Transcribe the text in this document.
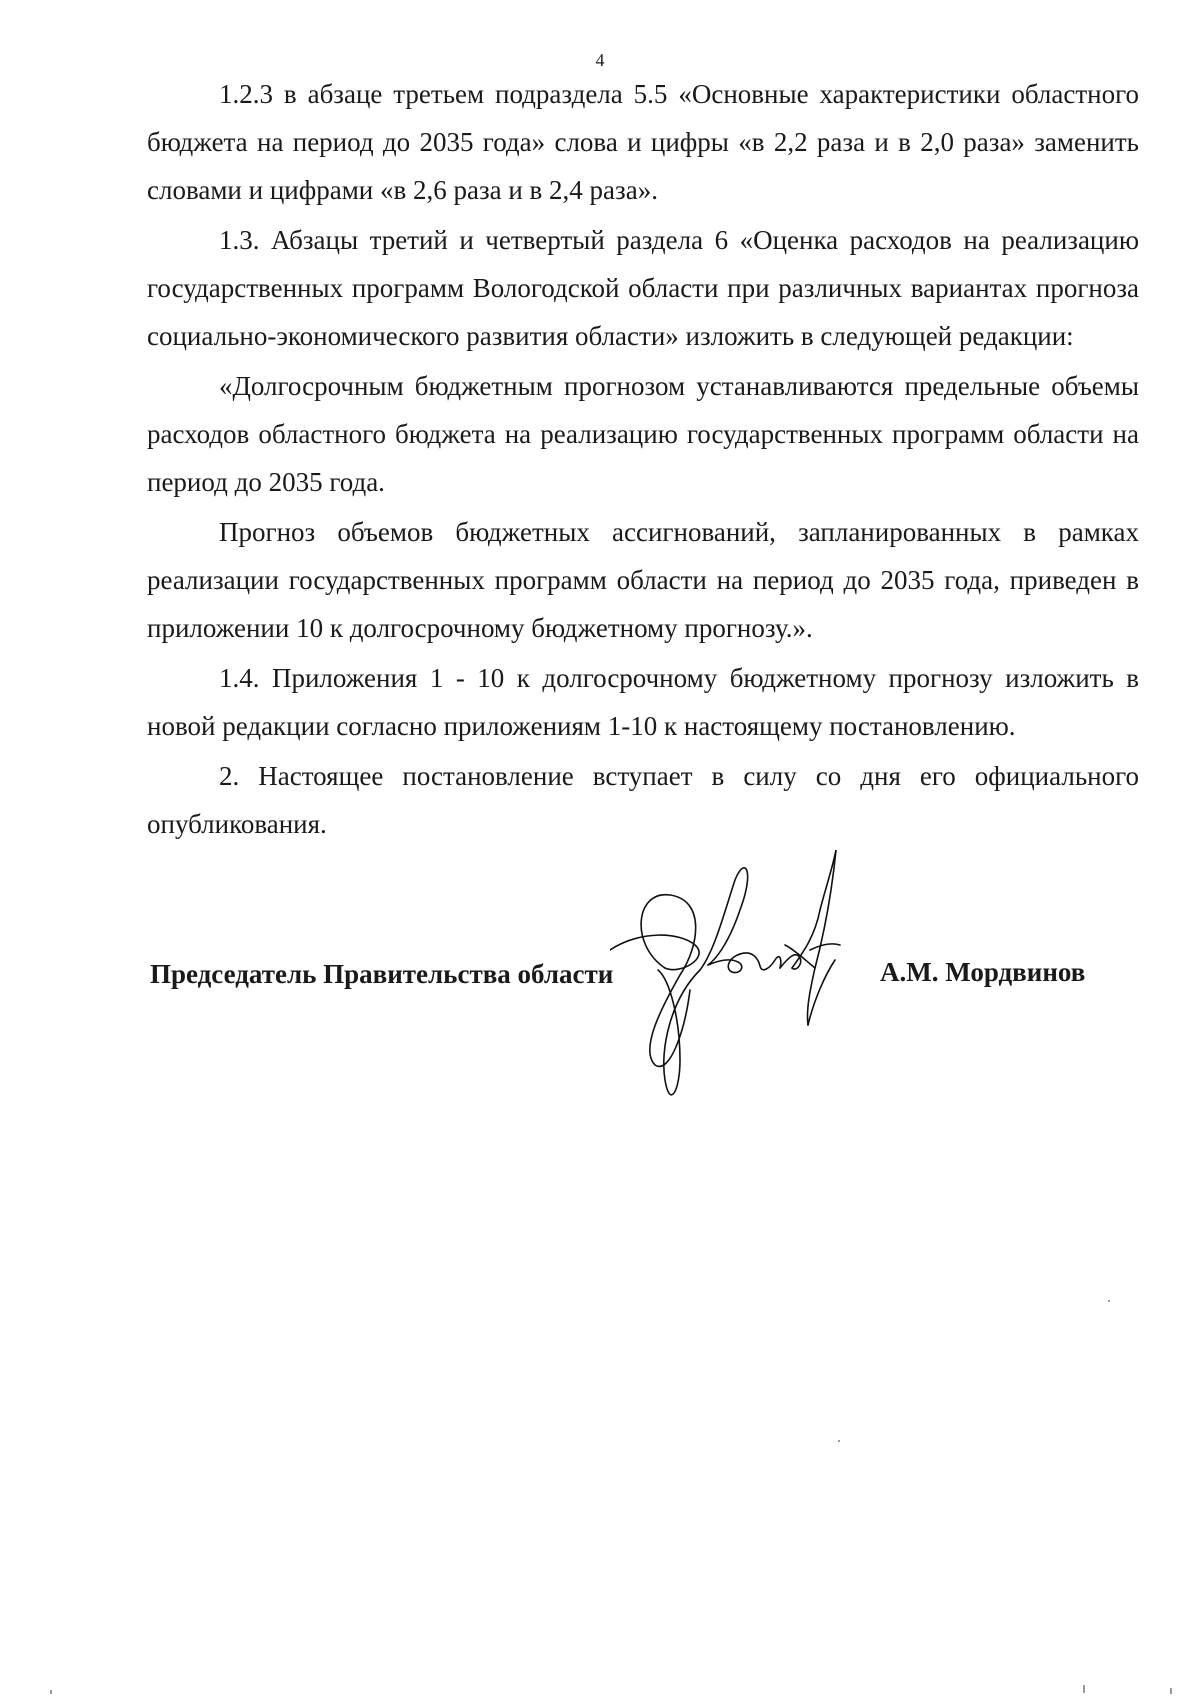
4

1.2.3 в абзаце третьем подраздела 5.5 «Основные характеристики областного бюджета на период до 2035 года» слова и цифры «в 2,2 раза и в 2,0 раза» заменить словами и цифрами «в 2,6 раза и в 2,4 раза».

1.3. Абзацы третий и четвертый раздела 6 «Оценка расходов на реализацию государственных программ Вологодской области при различных вариантах прогноза социально-экономического развития области» изложить в следующей редакции:

«Долгосрочным бюджетным прогнозом устанавливаются предельные объемы расходов областного бюджета на реализацию государственных программ области на период до 2035 года.

Прогноз объемов бюджетных ассигнований, запланированных в рамках реализации государственных программ области на период до 2035 года, приведен в приложении 10 к долгосрочному бюджетному прогнозу.».

1.4. Приложения 1 - 10 к долгосрочному бюджетному прогнозу изложить в новой редакции согласно приложениям 1-10 к настоящему постановлению.

2. Настоящее постановление вступает в силу со дня его официального опубликования.

Председатель Правительства области	А.М. Мордвинов
